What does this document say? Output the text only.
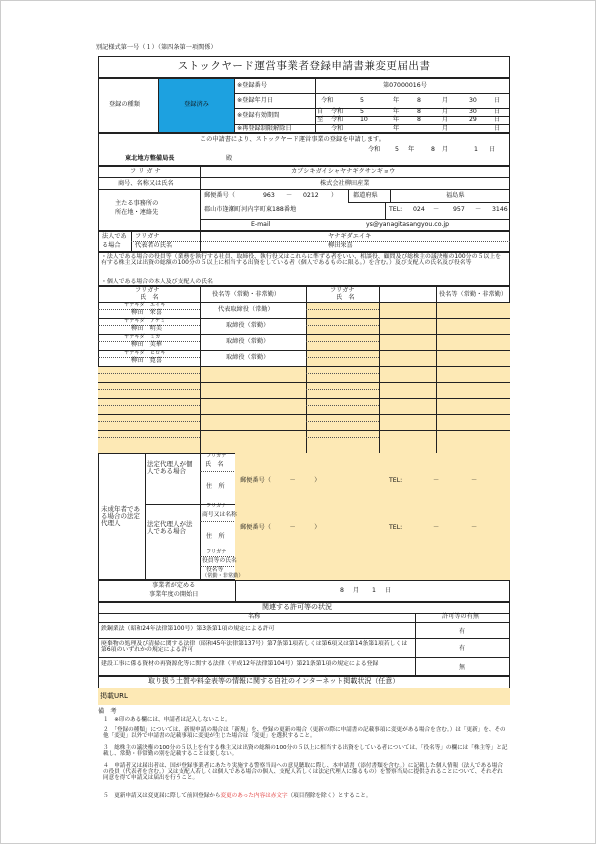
別記様式第一号（１）（第四条第一項関係）
ストックヤード運営事業者登録申請書兼変更届出書
登録の種類	登録済み
※登録番号	第07000016号
※登録年月日	令和	5	年	8	月	30	日
※登録有効期間
自 令和	5	年	8	月	30	日
至 令和	10	年	8	月	29	日
※再登録制限解除日	令和	年	月	日
この申請書により、ストックヤード運営事業の登録を申請します。
令和 5 年	8 月	1 日
東北地方整備局長	殿
フ リ ガ ナ	カブシキガイシャヤナギクサンギョウ
商号、名称又は氏名	株式会社柳田産業
主たる事務所の
所在地・連絡先
郵便番号（	963 － 0212 ）	都道府県	福島県
郡山市逢瀬町河内字町東188番地	TEL: 024 － 957 － 3146
E-mail	ys@yanagitasangyou.co.jp
法人であ
る場合
フリガナ	ヤナギダエイキ
代表者の氏名	柳田栄喜
・法人である場合の役員等（業務を執行する社員、取締役、執行役又はこれらに準ずる者をいい、相談役、顧問及び総株主の議決権の100分の５以上を有する株主又は出資の総額の100分の５以上に相当する出資をしている者（個人であるものに限る。）を含む。）及び支配人の氏名及び役名等
・個人である場合の本人及び支配人の氏名
フリガナ
氏　名	役名等（常勤・非常勤）
フリガナ
氏　名	役名等（常勤・非常勤）
ヤナギダ　エイキ
柳田　栄喜	代表取締役（常勤）
ヤナギダ　アケミ
柳田　明美	取締役（常勤）
ヤナギダ　ミカ
柳田　美華	取締役（常勤）
ヤナギダ　ヒロキ
柳田　寛喜	取締役（常勤）
未成年者である場合の法定代理人
法定代理人が個人である場合
フリガナ
氏　名
住　所
郵便番号（　　　－　　　）	TEL:	－	－
法定代理人が法人である場合
フリガナ
商号又は名称
住　所
郵便番号（　　　－　　　）	TEL:	－	－
フリガナ
役員等の氏名
役名等
（常勤・非常勤）
事業者が定める
事業年度の開始日
8 月 1 日
関連する許可等の状況
名称	許可等の有無
鉄鋼業法（昭和24年法律第100号）第3条第1項の規定による許可	有
廃棄物の処理及び清掃に関する法律（昭和45年法律第137号）第7条第1項若しくは第6項又は第14条第1項若しくは第6項のいずれかの規定による許可	有
建設工事に係る資材の再資源化等に関する法律（平成12年法律第104号）第21条第1項の規定による登録	無
取り扱う土質や料金表等の情報に関する自社のインターネット掲載状況（任意）
掲載URL
備　考
１　※印のある欄には、申請者は記入しないこと。
２　「登録の種類」については、新規申請の場合は「新規」を、登録の更新の場合（更新の際に申請書の記載事項に変更がある場合を含む。）は「更新」を、その他「変更」以外で申請書の記載事項に変更が生じた場合は「変更」を選択すること。
３　総株主の議決権の100分の５以上を有する株主又は出資の総額の100分の５以上に相当する出資をしている者については、「役名等」の欄には「株主等」と記載し、常勤・非常勤の別を記載することは要しない。
４　申請者又は届出者は、国が登録事業者にあたり実施する警察当局への意見聴取に際し、本申請書（添付書類を含む。）に記載した個人情報（法人である場合の役員（代表者を含む。）又は支配人若しくは個人である場合の個人、支配人若しくは法定代理人に係るもの）を警察当局に提供されることについて、それぞれ同意を得て申請又は届出を行うこと。
５　更新申請又は変更届に際して前回登録から変更のあった内容は赤文字（項目削除を除く）とすること。
